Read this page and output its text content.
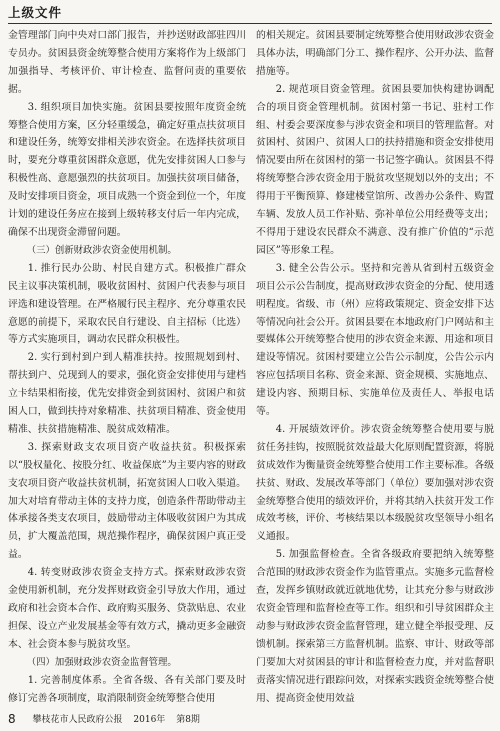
上级文件

金管理部门向中央对口部门报告，并抄送财政部驻四川专员办。贫困县资金统筹整合使用方案将作为上级部门加强指导、考核评价、审计检查、监督问责的重要依据。

3. 组织项目加快实施。贫困县要按照年度资金统筹整合使用方案，区分轻重缓急，确定好重点扶贫项目和建设任务，统筹安排相关涉农资金。在选择扶贫项目时，要充分尊重贫困群众意愿，优先安排贫困人口参与积极性高、意愿强烈的扶贫项目。加强扶贫项目储备，及时安排项目资金，项目成熟一个资金到位一个，年度计划的建设任务应在接到上级转移支付后一年内完成，确保不出现资金滞留问题。

（三）创新财政涉农资金使用机制。

1. 推行民办公助、村民自建方式。积极推广群众民主议事决策机制，吸收贫困村、贫困户代表参与项目评选和建设管理。在严格履行民主程序、充分尊重农民意愿的前提下，采取农民自行建设、自主招标（比选）等方式实施项目，调动农民群众积极性。

2. 实行到村到户到人精准扶持。按照规划到村、帮扶到户、兑现到人的要求，强化资金安排使用与建档立卡结果相衔接，优先安排资金到贫困村、贫困户和贫困人口，做到扶持对象精准、扶贫项目精准、资金使用精准、扶贫措施精准、脱贫成效精准。

3. 探索财政支农项目资产收益扶贫。积极探索以“股权量化、按股分红、收益保底”为主要内容的财政支农项目资产收益扶贫机制，拓宽贫困人口收入渠道。加大对培育带动主体的支持力度，创造条件帮助带动主体承接各类支农项目，鼓励带动主体吸收贫困户为其成员，扩大覆盖范围，规范操作程序，确保贫困户真正受益。

4. 转变财政涉农资金支持方式。探索财政涉农资金使用新机制，充分发挥财政资金引导放大作用，通过政府和社会资本合作、政府购买服务、贷款贴息、农业担保、设立产业发展基金等有效方式，撬动更多金融资本、社会资本参与脱贫攻坚。

（四）加强财政涉农资金监督管理。

1. 完善制度体系。全省各级、各有关部门要及时修订完善各项制度，取消限制资金统筹整合使用

的相关规定。贫困县要制定统筹整合使用财政涉农资金具体办法，明确部门分工、操作程序、公开办法、监督措施等。

2. 规范项目资金管理。贫困县要加快构建协调配合的项目资金管理机制。贫困村第一书记、驻村工作组、村委会要深度参与涉农资金和项目的管理监督。对贫困村、贫困户、贫困人口的扶持措施和资金安排使用情况要由所在贫困村的第一书记签字确认。贫困县不得将统筹整合涉农资金用于脱贫攻坚规划以外的支出；不得用于平衡预算、修建楼堂馆所、改善办公条件、购置车辆、发放人员工作补贴、弥补单位公用经费等支出；不得用于建设农民群众不满意、没有推广价值的“示范园区”等形象工程。

3. 健全公告公示。坚持和完善从省到村五级资金项目公示公告制度，提高财政涉农资金的分配、使用透明程度。省级、市（州）应将政策规定、资金安排下达等情况向社会公开。贫困县要在本地政府门户网站和主要媒体公开统筹整合使用的涉农资金来源、用途和项目建设等情况。贫困村要建立公告公示制度，公告公示内容应包括项目名称、资金来源、资金规模、实施地点、建设内容、预期目标、实施单位及责任人、举报电话等。

4. 开展绩效评价。涉农资金统筹整合使用要与脱贫任务挂钩，按照脱贫效益最大化原则配置资源，将脱贫成效作为衡量资金统筹整合使用工作主要标准。各级扶贫、财政、发展改革等部门（单位）要加强对涉农资金统筹整合使用的绩效评价，并将其纳入扶贫开发工作成效考核，评价、考核结果以本级脱贫攻坚领导小组名义通报。

5. 加强监督检查。全省各级政府要把纳入统筹整合范围的财政涉农资金作为监管重点。实施多元监督检查，发挥乡镇财政就近就地优势，让其充分参与财政涉农资金管理和监督检查等工作。组织和引导贫困群众主动参与财政涉农资金监督管理，建立健全举报受理、反馈机制。探索第三方监督机制。监察、审计、财政等部门要加大对贫困县的审计和监督检查力度，并对监督职责落实情况进行跟踪问效，对探索实践资金统筹整合使用、提高资金使用效益

8 攀枝花市人民政府公报 2016年 第8期
